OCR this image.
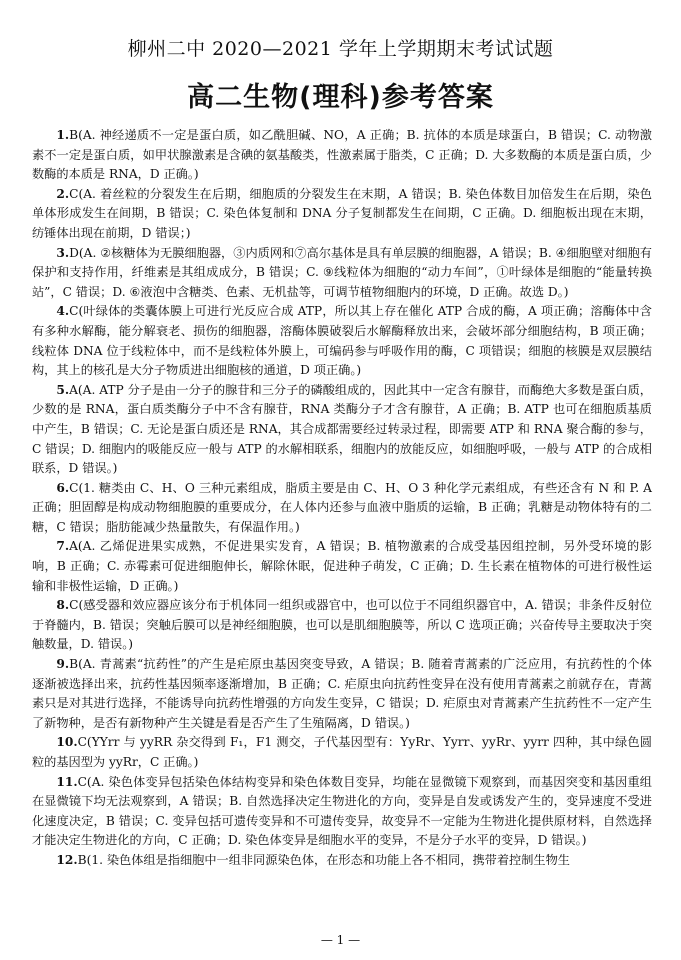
柳州二中 2020—2021 学年上学期期末考试试题
高二生物(理科)参考答案

1.B(A. 神经递质不一定是蛋白质，如乙酰胆碱、NO，A 正确；B. 抗体的本质是球蛋白，B 错误；C. 动物激素不一定是蛋白质，如甲状腺激素是含碘的氨基酸类，性激素属于脂类，C 正确；D. 大多数酶的本质是蛋白质，少数酶的本质是 RNA，D 正确。)

2.C(A. 着丝粒的分裂发生在后期，细胞质的分裂发生在末期，A 错误；B. 染色体数目加倍发生在后期，染色单体形成发生在间期，B 错误；C. 染色体复制和 DNA 分子复制都发生在间期，C 正确。D. 细胞板出现在末期，纺锤体出现在前期，D 错误；)

3.D(A. ②核糖体为无膜细胞器，③内质网和⑦高尔基体是具有单层膜的细胞器，A 错误；B. ④细胞壁对细胞有保护和支持作用，纤维素是其组成成分，B 错误；C. ⑨线粒体为细胞的“动力车间”，①叶绿体是细胞的“能量转换站”，C 错误；D. ⑥液泡中含糖类、色素、无机盐等，可调节植物细胞内的环境，D 正确。故选 D。)

4.C(叶绿体的类囊体膜上可进行光反应合成 ATP，所以其上存在催化 ATP 合成的酶，A 项正确；溶酶体中含有多种水解酶，能分解衰老、损伤的细胞器，溶酶体膜破裂后水解酶释放出来，会破坏部分细胞结构，B 项正确；线粒体 DNA 位于线粒体中，而不是线粒体外膜上，可编码参与呼吸作用的酶，C 项错误；细胞的核膜是双层膜结构，其上的核孔是大分子物质进出细胞核的通道，D 项正确。)

5.A(A. ATP 分子是由一分子的腺苷和三分子的磷酸组成的，因此其中一定含有腺苷，而酶绝大多数是蛋白质，少数的是 RNA，蛋白质类酶分子中不含有腺苷，RNA 类酶分子才含有腺苷，A 正确；B. ATP 也可在细胞质基质中产生，B 错误；C. 无论是蛋白质还是 RNA，其合成都需要经过转录过程，即需要 ATP 和 RNA 聚合酶的参与，C 错误；D. 细胞内的吸能反应一般与 ATP 的水解相联系，细胞内的放能反应，如细胞呼吸，一般与 ATP 的合成相联系，D 错误。)

6.C(1. 糖类由 C、H、O 三种元素组成，脂质主要是由 C、H、O 3 种化学元素组成，有些还含有 N 和 P. A 正确；胆固醇是构成动物细胞膜的重要成分，在人体内还参与血液中脂质的运输，B 正确；乳糖是动物体特有的二糖，C 错误；脂肪能减少热量散失，有保温作用。)

7.A(A. 乙烯促进果实成熟，不促进果实发育，A 错误；B. 植物激素的合成受基因组控制，另外受环境的影响，B 正确；C. 赤霉素可促进细胞伸长，解除休眠，促进种子萌发，C 正确；D. 生长素在植物体的可进行极性运输和非极性运输，D 正确。)

8.C(感受器和效应器应该分布于机体同一组织或器官中，也可以位于不同组织器官中，A. 错误；非条件反射位于脊髓内，B. 错误；突触后膜可以是神经细胞膜，也可以是肌细胞膜等，所以 C 选项正确；兴奋传导主要取决于突触数量，D. 错误。)

9.B(A. 青蒿素“抗药性”的产生是疟原虫基因突变导致，A 错误；B. 随着青蒿素的广泛应用，有抗药性的个体逐渐被选择出来，抗药性基因频率逐渐增加，B 正确；C. 疟原虫向抗药性变异在没有使用青蒿素之前就存在，青蒿素只是对其进行选择，不能诱导向抗药性增强的方向发生变异，C 错误；D. 疟原虫对青蒿素产生抗药性不一定产生了新物种，是否有新物种产生关键是看是否产生了生殖隔离，D 错误。)

10.C(YYrr 与 yyRR 杂交得到 F₁，F1 测交，子代基因型有：YyRr、Yyrr、yyRr、yyrr 四种，其中绿色圆粒的基因型为 yyRr，C 正确。)

11.C(A. 染色体变异包括染色体结构变异和染色体数目变异，均能在显微镜下观察到，而基因突变和基因重组在显微镜下均无法观察到，A 错误；B. 自然选择决定生物进化的方向，变异是自发或诱发产生的，变异速度不受进化速度决定，B 错误；C. 变异包括可遗传变异和不可遗传变异，故变异不一定能为生物进化提供原材料，自然选择才能决定生物进化的方向，C 正确；D. 染色体变异是细胞水平的变异，不是分子水平的变异，D 错误。)

12.B(1. 染色体组是指细胞中一组非同源染色体，在形态和功能上各不相同，携带着控制生物生

— 1 —
